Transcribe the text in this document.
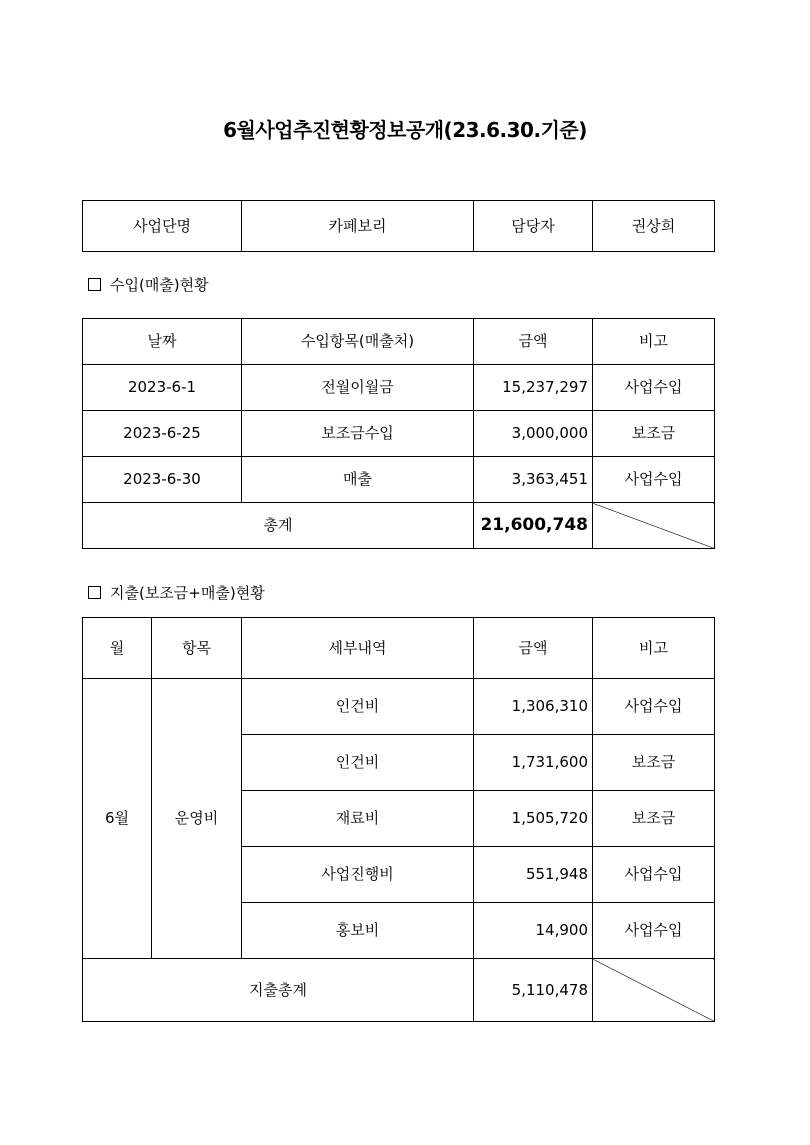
6월사업추진현황정보공개(23.6.30.기준)
사업단명	카페보리	담당자	권상희
수입(매출)현황
날짜	수입항목(매출처)	금액	비고
2023-6-1	전월이월금	15,237,297	사업수입
2023-6-25	보조금수입	3,000,000	보조금
2023-6-30	매출	3,363,451	사업수입
총계		21,600,748	
지출(보조금+매출)현황
월	항목	세부내역	금액	비고
6월	운영비	인건비	1,306,310	사업수입
		인건비	1,731,600	보조금
		재료비	1,505,720	보조금
		사업진행비	551,948	사업수입
		홍보비	14,900	사업수입
지출총계			5,110,478	
